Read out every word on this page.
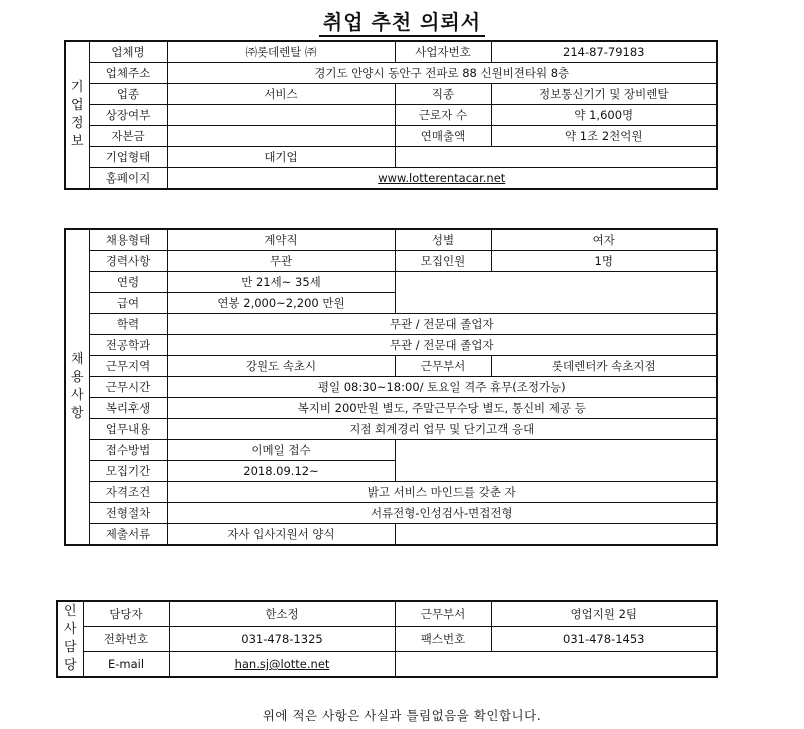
취업 추천 의뢰서
기업정보	업체명	㈜롯데렌탈 ㈜	사업자번호	214-87-79183
	업체주소	경기도 안양시 동안구 전파로 88 신원비젼타워 8층		
	업종	서비스	직종	정보통신기기 및 장비렌탈
	상장여부		근로자 수	약 1,600명
	자본금		연매출액	약 1조 2천억원
	기업형태	대기업		
	홈페이지	www.lotterentacar.net		
채용사항	채용형태	계약직	성별	여자
	경력사항	무관	모집인원	1명
	연령	만 21세~ 35세		
	급여	연봉 2,000~2,200 만원		
	학력	무관 / 전문대 졸업자		
	전공학과	무관 / 전문대 졸업자		
	근무지역	강원도 속초시	근무부서	롯데렌터카 속초지점
	근무시간	평일 08:30~18:00/ 토요일 격주 휴무(조정가능)		
	복리후생	복지비 200만원 별도, 주말근무수당 별도, 통신비 제공 등		
	업무내용	지점 회계경리 업무 및 단기고객 응대		
	접수방법	이메일 접수		
	모집기간	2018.09.12~		
	자격조건	밝고 서비스 마인드를 갖춘 자		
	전형절차	서류전형-인성검사-면접전형		
	제출서류	자사 입사지원서 양식		
인사담당	담당자	한소정	근무부서	영업지원 2팀
	전화번호	031-478-1325	팩스번호	031-478-1453
	E-mail	han.sj@lotte.net		
위에 적은 사항은 사실과 틀림없음을 확인합니다.
